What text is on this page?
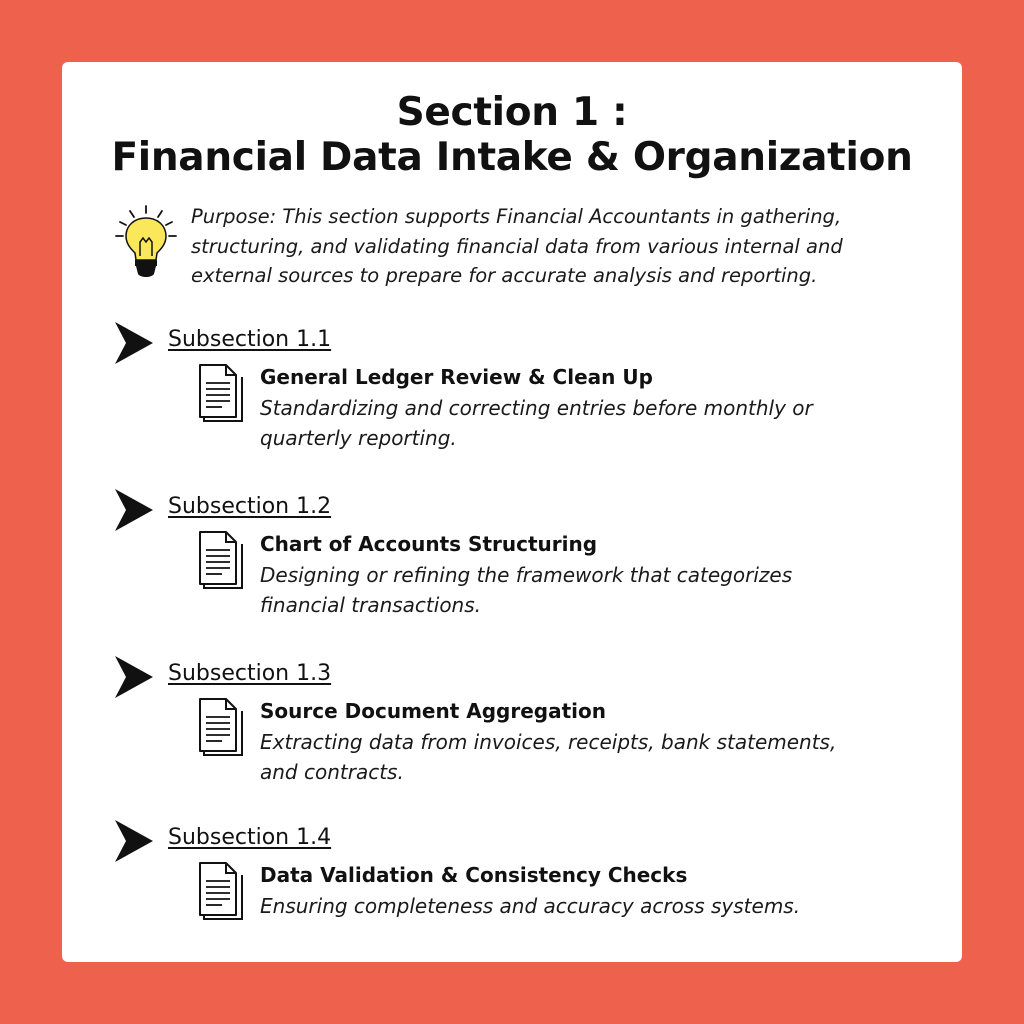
Section 1 :
Financial Data Intake & Organization
Purpose: This section supports Financial Accountants in gathering,
structuring, and validating financial data from various internal and
external sources to prepare for accurate analysis and reporting.
Subsection 1.1
General Ledger Review & Clean Up
Standardizing and correcting entries before monthly or
quarterly reporting.
Subsection 1.2
Chart of Accounts Structuring
Designing or refining the framework that categorizes
financial transactions.
Subsection 1.3
Source Document Aggregation
Extracting data from invoices, receipts, bank statements,
and contracts.
Subsection 1.4
Data Validation & Consistency Checks
Ensuring completeness and accuracy across systems.
